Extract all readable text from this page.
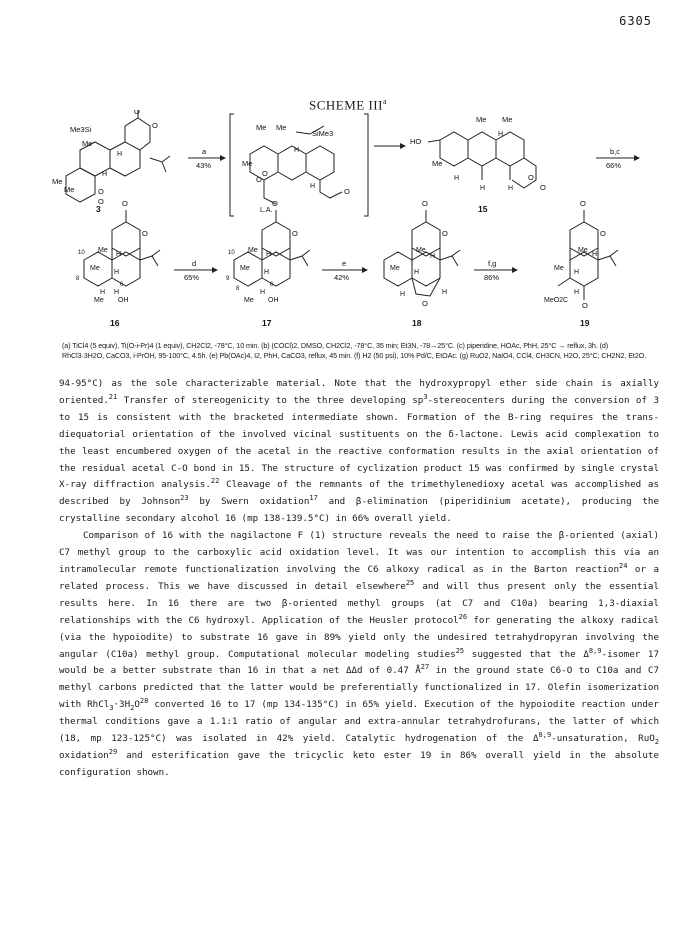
6305
SCHEME III$^a$
Me3Si
Me
H
H
O
O
O
O
Me
Me
3
a
43%
Me Me
SiMe3
H
Me
O
O
H
O
L.A.
Me Me
HO
H
Me
H
H
O
O
H
15
b,c
66%
O
O
10 Me
H
Me
H
8
6
H H
Me OH
16
d
65%
O
O
10 Me
H
Me
H
9
8
6
H
Me OH
17
e
42%
O
O
Me
H
Me
H
H	H
O
18
f,g
86%
O
O
Me
H
Me
H
H
MeO2C
O
19
(a) TiCl4 (5 equiv), Ti(O-i-Pr)4 (1 equiv), CH2Cl2, -78°C, 10 min. (b) (COCl)2, DMSO, CH2Cl2, -78°C, 35 min; Et3N, -78→25°C. (c) piperidine, HOAc, PhH, 25°C → reflux, 3h. (d) RhCl3·3H2O, CaCO3, i-PrOH, 95-100°C, 4.5h. (e) Pb(OAc)4, I2, PhH, CaCO3, reflux, 45 min. (f) H2 (50 psi), 10% Pd/C, EtOAc. (g) RuO2, NaIO4, CCl4, CH3CN, H2O, 25°C; CH2N2, Et2O.

94-95°C) as the sole characterizable material. Note that the hydroxypropyl ether side chain is axially oriented.$^{21}$ Transfer of stereogenicity to the three developing $sp^3$-stereocenters during the conversion of 3 to 15 is consistent with the bracketed intermediate shown. Formation of the B-ring requires the trans-diequatorial orientation of the involved vicinal sustituents on the δ-lactone. Lewis acid complexation to the least encumbered oxygen of the acetal in the reactive conformation results in the axial orientation of the residual acetal C-O bond in 15. The structure of cyclization product 15 was confirmed by single crystal X-ray diffraction analysis.$^{22}$ Cleavage of the remnants of the trimethylenedioxy acetal was accomplished as described by Johnson$^{23}$ by Swern oxidation$^{17}$ and β-elimination (piperidinium acetate), producing the crystalline secondary alcohol 16 (mp 138-139.5°C) in 66% overall yield.

Comparison of 16 with the nagilactone F (1) structure reveals the need to raise the β-oriented (axial) C7 methyl group to the carboxylic acid oxidation level. It was our intention to accomplish this via an intramolecular remote functionalization involving the C6 alkoxy radical as in the Barton reaction$^{24}$ or a related process. This we have discussed in detail elsewhere$^{25}$ and will thus present only the essential results here. In 16 there are two β-oriented methyl groups (at C7 and C10a) bearing 1,3-diaxial relationships with the C6 hydroxyl. Application of the Heusler protocol$^{26}$ for generating the alkoxy radical (via the hypoiodite) to substrate 16 gave in 89% yield only the undesired tetrahydropyran involving the angular (C10a) methyl group. Computational molecular modeling studies$^{25}$ suggested that the Δ$^{8,9}$-isomer 17 would be a better substrate than 16 in that a net ΔΔd of 0.47 $Å^{27}$ in the ground state C6-O to C10a and C7 methyl carbons predicted that the latter would be preferentially functionalized in 17. Olefin isomerization with $RhCl_3\cdot 3H_2O^{28}$ converted 16 to 17 (mp 134-135°C) in 65% yield. Execution of the hypoiodite reaction under thermal conditions gave a 1.1:1 ratio of angular and extra-annular tetrahydrofurans, the latter of which (18, mp 123-125°C) was isolated in 42% yield. Catalytic hydrogenation of the Δ$^{8,9}$-unsaturation, RuO$_2$ oxidation$^{29}$ and esterification gave the tricyclic keto ester 19 in 86% overall yield in the absolute configuration shown.
